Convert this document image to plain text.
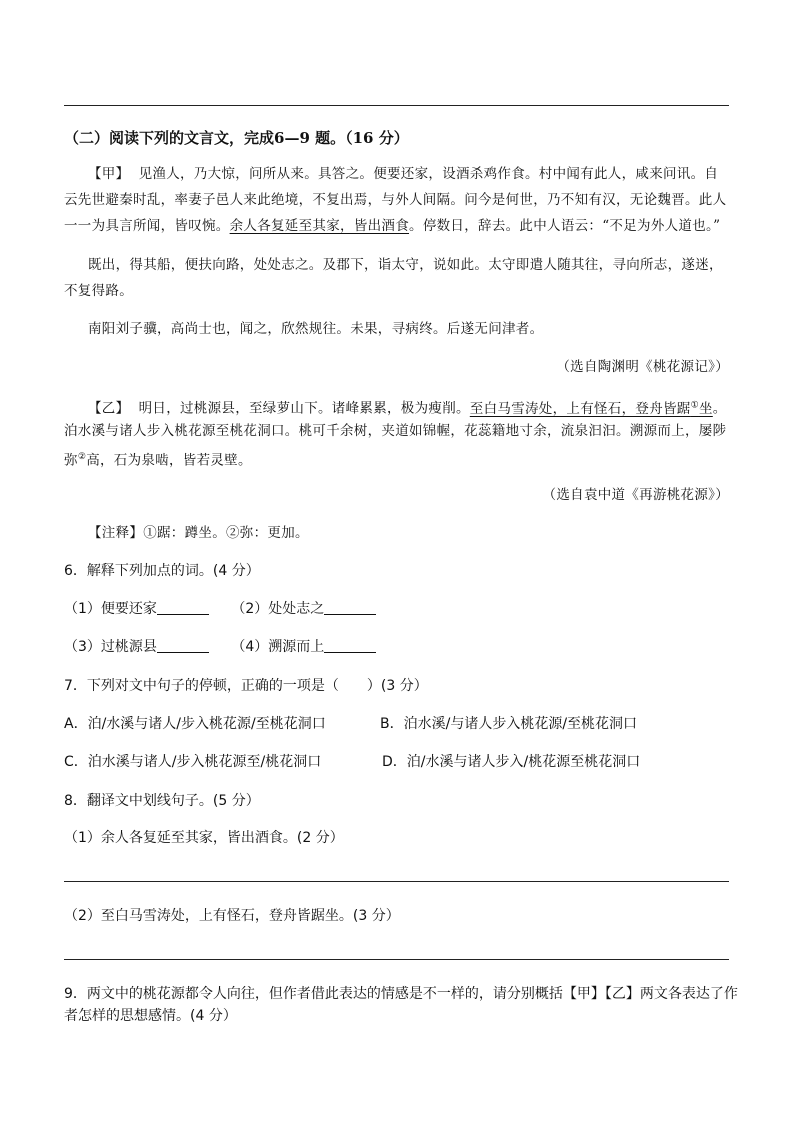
（二）阅读下列的文言文，完成6—9 题。（16 分）
【甲】 见渔人，乃大惊，问所从来。具答之。便要还家，设酒杀鸡作食。村中闻有此人，咸来问讯。自
云先世避秦时乱，率妻子邑人来此绝境，不复出焉，与外人间隔。问今是何世，乃不知有汉，无论魏晋。此人
一一为具言所闻，皆叹惋。余人各复延至其家，皆出酒食。停数日，辞去。此中人语云：“不足为外人道也。”
既出，得其船，便扶向路，处处志之。及郡下，诣太守，说如此。太守即遣人随其往，寻向所志，遂迷，
不复得路。
南阳刘子骥，高尚士也，闻之，欣然规往。未果，寻病终。后遂无问津者。
（选自陶渊明《桃花源记》）
【乙】 明日，过桃源县，至绿萝山下。诸峰累累，极为瘦削。至白马雪涛处，上有怪石，登舟皆踞①坐。
泊水溪与诸人步入桃花源至桃花洞口。桃可千余树，夹道如锦幄，花蕊籍地寸余，流泉汩汩。溯源而上，屡陟
弥②高，石为泉啮，皆若灵壁。
（选自袁中道《再游桃花源》）
【注释】①踞：蹲坐。②弥：更加。
6．解释下列加点的词。(4 分）
（1）便要还家	（2）处处志之
（3）过桃源县	（4）溯源而上
7．下列对文中句子的停顿，正确的一项是（　　）(3 分）
A．泊/水溪与诸人/步入桃花源/至桃花洞口	B．泊水溪/与诸人步入桃花源/至桃花洞口
C．泊水溪与诸人/步入桃花源至/桃花洞口	D．泊/水溪与诸人步入/桃花源至桃花洞口
8．翻译文中划线句子。(5 分）
（1）余人各复延至其家，皆出酒食。(2 分）
（2）至白马雪涛处，上有怪石，登舟皆踞坐。(3 分）
9．两文中的桃花源都令人向往，但作者借此表达的情感是不一样的，请分别概括【甲】【乙】两文各表达了作
者怎样的思想感情。(4 分）
